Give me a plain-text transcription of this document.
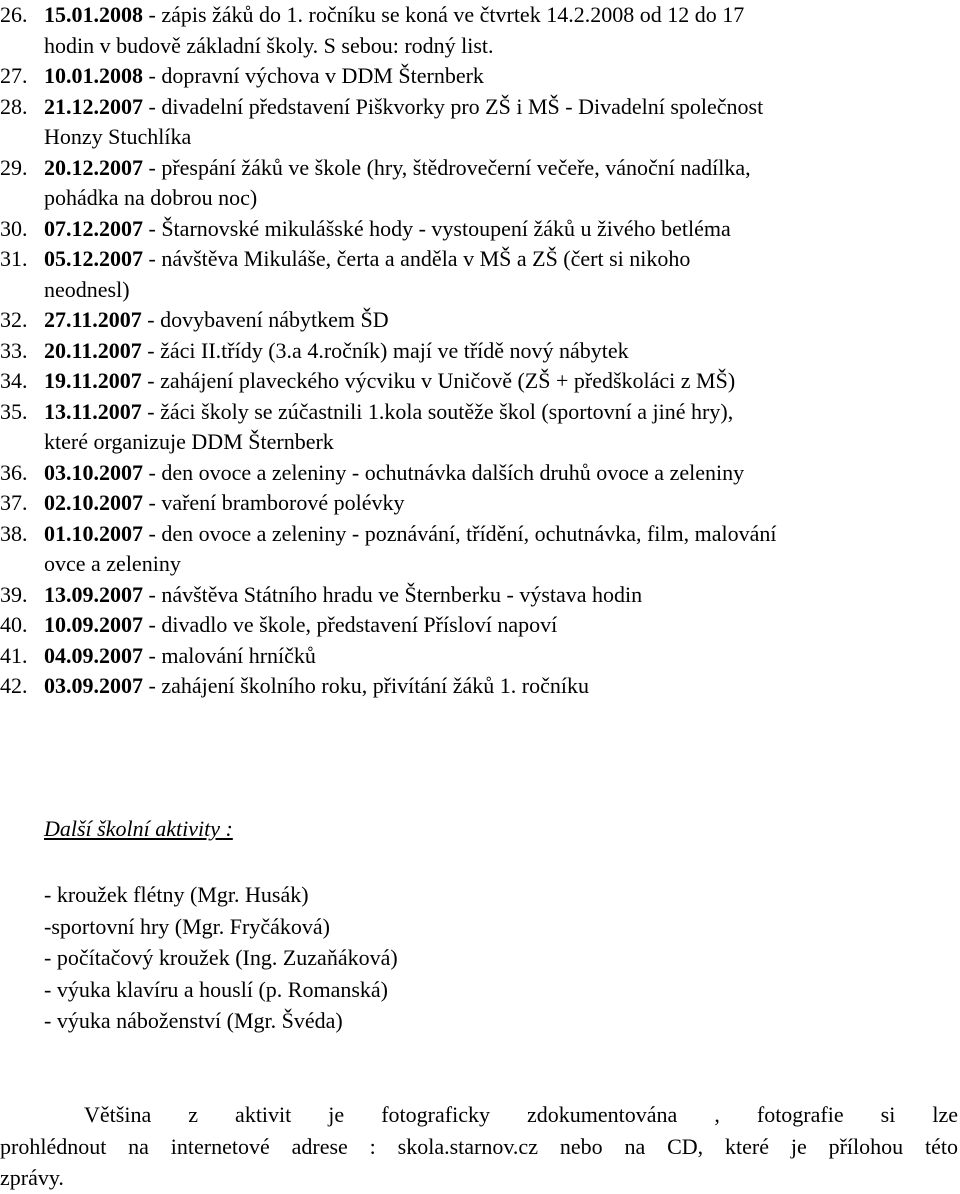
26. 15.01.2008 - zápis žáků do 1. ročníku se koná ve čtvrtek 14.2.2008 od 12 do 17
hodin v budově základní školy. S sebou: rodný list.
27. 10.01.2008 - dopravní výchova v DDM Šternberk
28. 21.12.2007 - divadelní představení Piškvorky pro ZŠ i MŠ - Divadelní společnost
Honzy Stuchlíka
29. 20.12.2007 - přespání žáků ve škole (hry, štědrovečerní večeře, vánoční nadílka,
pohádka na dobrou noc)
30. 07.12.2007 - Štarnovské mikulášské hody - vystoupení žáků u živého betléma
31. 05.12.2007 - návštěva Mikuláše, čerta a anděla v MŠ a ZŠ (čert si nikoho
neodnesl)
32. 27.11.2007 - dovybavení nábytkem ŠD
33. 20.11.2007 - žáci II.třídy (3.a 4.ročník) mají ve třídě nový nábytek
34. 19.11.2007 - zahájení plaveckého výcviku v Uničově (ZŠ + předškoláci z MŠ)
35. 13.11.2007 - žáci školy se zúčastnili 1.kola soutěže škol (sportovní a jiné hry),
které organizuje DDM Šternberk
36. 03.10.2007 - den ovoce a zeleniny - ochutnávka dalších druhů ovoce a zeleniny
37. 02.10.2007 - vaření bramborové polévky
38. 01.10.2007 - den ovoce a zeleniny - poznávání, třídění, ochutnávka, film, malování
ovce a zeleniny
39. 13.09.2007 - návštěva Státního hradu ve Šternberku - výstava hodin
40. 10.09.2007 - divadlo ve škole, představení Přísloví napoví
41. 04.09.2007 - malování hrníčků
42. 03.09.2007 - zahájení školního roku, přivítání žáků 1. ročníku
Další školní aktivity :
- kroužek flétny (Mgr. Husák)
-sportovní hry (Mgr. Fryčáková)
- počítačový kroužek (Ing. Zuzaňáková)
- výuka klavíru a houslí (p. Romanská)
- výuka náboženství (Mgr. Švéda)
Většina z aktivit je fotograficky zdokumentována , fotografie si lze
prohlédnout na internetové adrese : skola.starnov.cz nebo na CD, které je přílohou této
zprávy.
